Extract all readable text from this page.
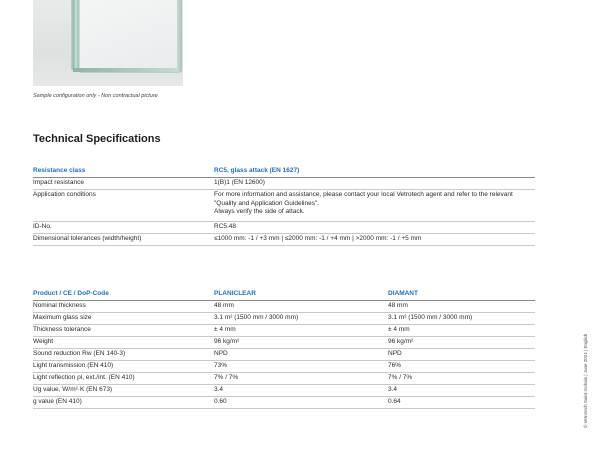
Sample configuration only - Non contractual picture
Technical Specifications
Resistance class	RC5, glass attack (EN 1627)
Impact resistance	1(B)1 (EN 12600)
Application conditions	For more information and assistance, please contact your local Vetrotech agent and refer to the relevant "Quality and Application Guidelines".
Always verify the side of attack.

ID-No.	RC5.48
Dimensional tolerances (width/height)	≤1000 mm: -1 / +3 mm | ≤2000 mm: -1 / +4 mm | >2000 mm: -1 / +5 mm
Product / CE / DoP-Code	PLANICLEAR	DIAMANT
Nominal thickness	48 mm	48 mm
Maximum glass size	3.1 m² (1500 mm / 3000 mm)	3.1 m² (1500 mm / 3000 mm)
Thickness tolerance	± 4 mm	± 4 mm
Weight	96 kg/m²	96 kg/m²
Sound reduction Rw (EN 140-3)	NPD	NPD
Light transmission (EN 410)	73%	76%
Light reflection ρl, ext./int. (EN 410)	7% / 7%	7% / 7%
Ug value, W/m²·K (EN 673)	3.4	3.4
g value (EN 410)	0.60	0.64	© Vetrotech Saint-Gobain | June 2024 | English
